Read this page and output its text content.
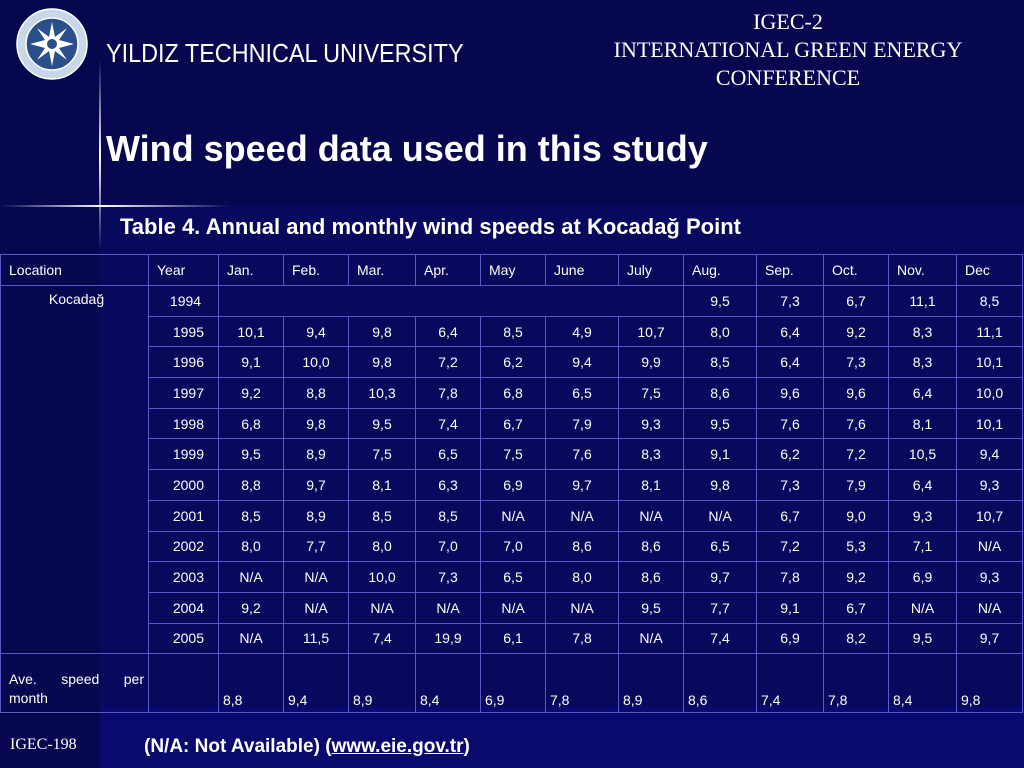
YILDIZ TECHNICAL UNIVERSITY
IGEC-2
INTERNATIONAL GREEN ENERGY
CONFERENCE
Wind speed data used in this study
Table 4. Annual and monthly wind speeds at Kocadağ Point
Location	Year	Jan.	Feb.	Mar.	Apr.	May	June	July	Aug.	Sep.	Oct.	Nov.	Dec
Kocadağ	1994								9,5	7,3	6,7	11,1	8,5
	1995	10,1	9,4	9,8	6,4	8,5	4,9	10,7	8,0	6,4	9,2	8,3	11,1
	1996	9,1	10,0	9,8	7,2	6,2	9,4	9,9	8,5	6,4	7,3	8,3	10,1
	1997	9,2	8,8	10,3	7,8	6,8	6,5	7,5	8,6	9,6	9,6	6,4	10,0
	1998	6,8	9,8	9,5	7,4	6,7	7,9	9,3	9,5	7,6	7,6	8,1	10,1
	1999	9,5	8,9	7,5	6,5	7,5	7,6	8,3	9,1	6,2	7,2	10,5	9,4
	2000	8,8	9,7	8,1	6,3	6,9	9,7	8,1	9,8	7,3	7,9	6,4	9,3
	2001	8,5	8,9	8,5	8,5	N/A	N/A	N/A	N/A	6,7	9,0	9,3	10,7
	2002	8,0	7,7	8,0	7,0	7,0	8,6	8,6	6,5	7,2	5,3	7,1	N/A
	2003	N/A	N/A	10,0	7,3	6,5	8,0	8,6	9,7	7,8	9,2	6,9	9,3
	2004	9,2	N/A	N/A	N/A	N/A	N/A	9,5	7,7	9,1	6,7	N/A	N/A
	2005	N/A	11,5	7,4	19,9	6,1	7,8	N/A	7,4	6,9	8,2	9,5	9,7
Ave. speed per month		8,8	9,4	8,9	8,4	6,9	7,8	8,9	8,6	7,4	7,8	8,4	9,8
IGEC-198	(N/A: Not Available) (www.eie.gov.tr)
